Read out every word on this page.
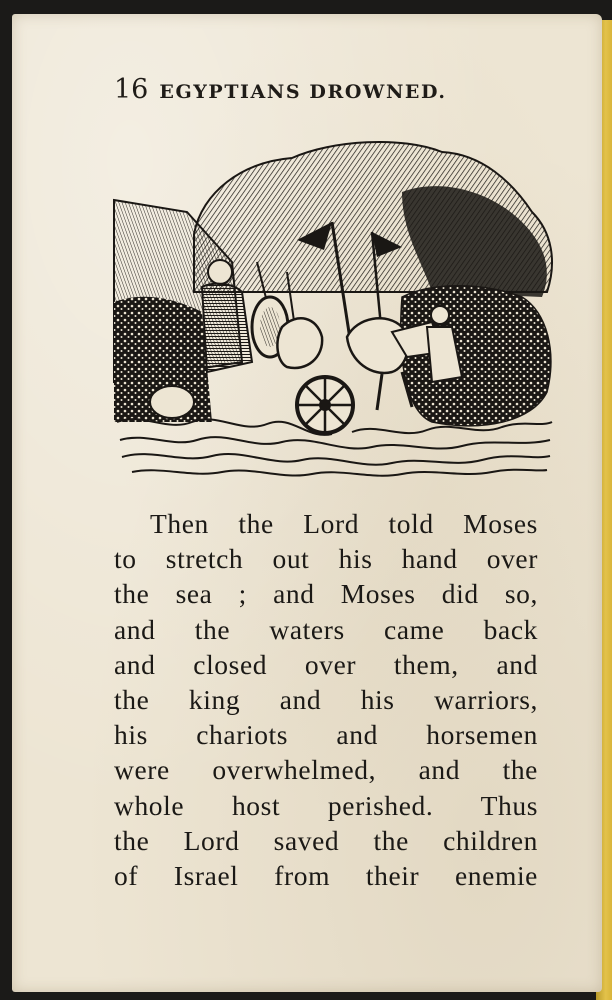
16 EGYPTIANS DROWNED.
Then the Lord told Moses
to stretch out his hand over
the sea ; and Moses did so,
and the waters came back
and closed over them, and
the king and his warriors,
his chariots and horsemen
were overwhelmed, and the
whole host perished. Thus
the Lord saved the children
of Israel from their enemie
